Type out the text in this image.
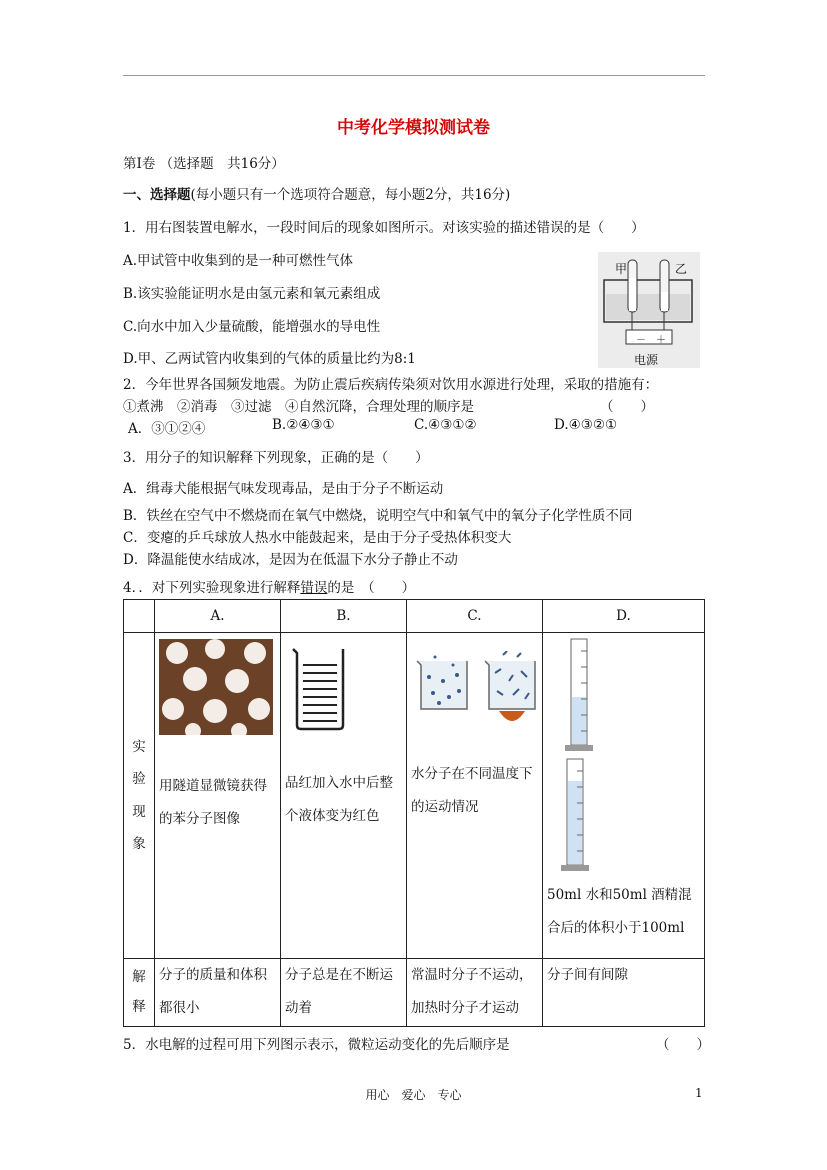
中考化学模拟测试卷
第Ⅰ卷 （选择题　共16分）
一、选择题(每小题只有一个选项符合题意，每小题2分，共16分)
1．用右图装置电解水，一段时间后的现象如图所示。对该实验的描述错误的是（　　）
A.甲试管中收集到的是一种可燃性气体
B.该实验能证明水是由氢元素和氧元素组成
C.向水中加入少量硫酸，能增强水的导电性
D.甲、乙两试管内收集到的气体的质量比约为8:1
甲	乙
－ ＋
电源
2．今年世界各国频发地震。为防止震后疾病传染须对饮用水源进行处理，采取的措施有：
①煮沸　②消毒　③过滤　④自然沉降，合理处理的顺序是	（　　）
A．③①②④	B.②④③①	C.④③①②	D.④③②①
3．用分子的知识解释下列现象，正确的是（　　）
A．缉毒犬能根据气味发现毒品，是由于分子不断运动
B．铁丝在空气中不燃烧而在氧气中燃烧，说明空气中和氧气中的氧分子化学性质不同
C．变瘪的乒乓球放人热水中能鼓起来，是由于分子受热体积变大
D．降温能使水结成冰，是因为在低温下水分子静止不动
4．．对下列实验现象进行解释错误的是　（　　）
	A.	B.	C.	D.

实
验
现
象	用隧道显微镜获得的苯分子图像	品红加入水中后整个液体变为红色	水分子在不同温度下的运动情况	50ml 水和50ml 酒精混合后的体积小于100ml

解
释	分子的质量和体积都很小	分子总是在不断运动着	常温时分子不运动，加热时分子才运动	分子间有间隙
5．水电解的过程可用下列图示表示，微粒运动变化的先后顺序是	（　　）
用心　爱心　专心	1
